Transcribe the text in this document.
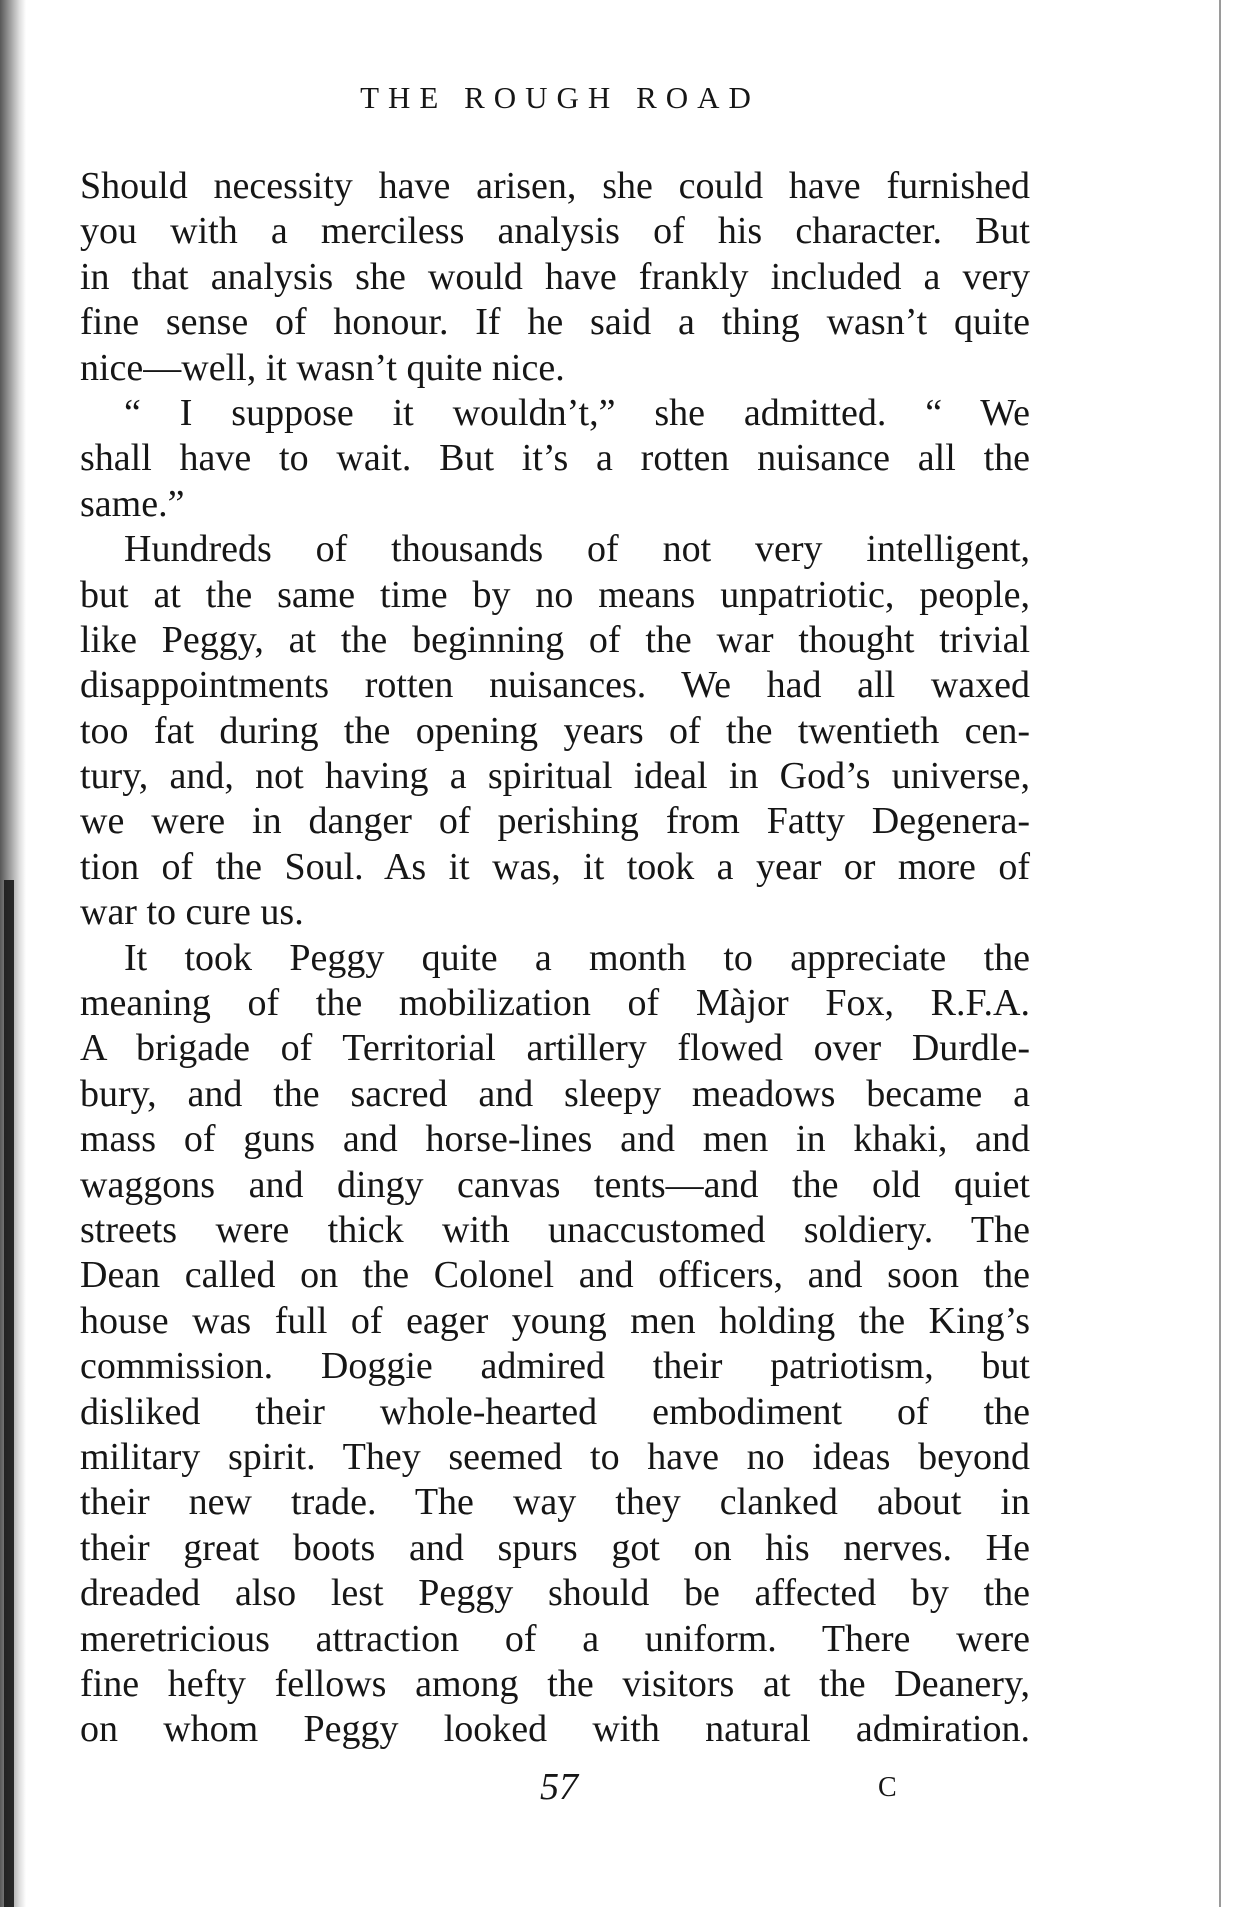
THE ROUGH ROAD
Should necessity have arisen, she could have furnished
you with a merciless analysis of his character. But
in that analysis she would have frankly included a very
fine sense of honour. If he said a thing wasn’t quite
nice—well, it wasn’t quite nice.
“ I suppose it wouldn’t,” she admitted. “ We
shall have to wait. But it’s a rotten nuisance all the
same.”
Hundreds of thousands of not very intelligent,
but at the same time by no means unpatriotic, people,
like Peggy, at the beginning of the war thought trivial
disappointments rotten nuisances. We had all waxed
too fat during the opening years of the twentieth cen-
tury, and, not having a spiritual ideal in God’s universe,
we were in danger of perishing from Fatty Degenera-
tion of the Soul. As it was, it took a year or more of
war to cure us.
It took Peggy quite a month to appreciate the
meaning of the mobilization of Màjor Fox, R.F.A.
A brigade of Territorial artillery flowed over Durdle-
bury, and the sacred and sleepy meadows became a
mass of guns and horse-lines and men in khaki, and
waggons and dingy canvas tents—and the old quiet
streets were thick with unaccustomed soldiery. The
Dean called on the Colonel and officers, and soon the
house was full of eager young men holding the King’s
commission. Doggie admired their patriotism, but
disliked their whole-hearted embodiment of the
military spirit. They seemed to have no ideas beyond
their new trade. The way they clanked about in
their great boots and spurs got on his nerves. He
dreaded also lest Peggy should be affected by the
meretricious attraction of a uniform. There were
fine hefty fellows among the visitors at the Deanery,
on whom Peggy looked with natural admiration.
57	C
